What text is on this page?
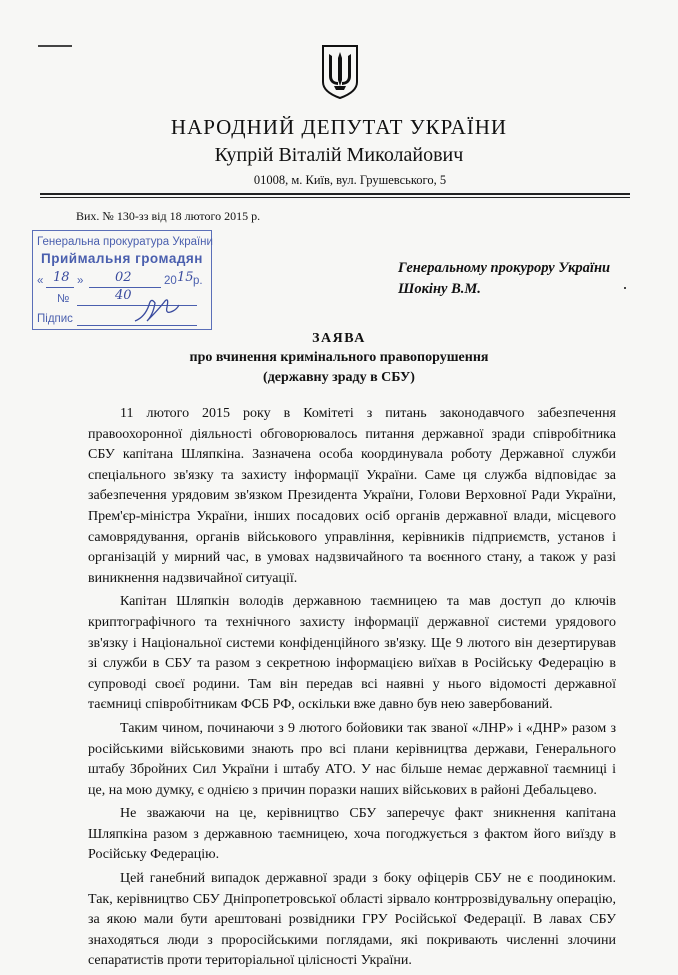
НАРОДНИЙ ДЕПУТАТ УКРАЇНИ
Купрій Віталій Миколайович
01008, м. Київ, вул. Грушевського, 5
Вих. № 130-зз від 18 лютого 2015 р.
Генеральна прокуратура України
Приймальня громадян
« 18 » 02	20 15 р.
№	40
Підпис
Генеральному прокурору України
Шокіну В.М.
ЗАЯВА
про вчинення кримінального правопорушення
(державну зраду в СБУ)

11 лютого 2015 року в Комітеті з питань законодавчого забезпечення правоохоронної діяльності обговорювалось питання державної зради співробітника СБУ капітана Шляпкіна. Зазначена особа координувала роботу Державної служби спеціального зв'язку та захисту інформації України. Саме ця служба відповідає за забезпечення урядовим зв'язком Президента України, Голови Верховної Ради України, Прем'єр-міністра України, інших посадових осіб органів державної влади, місцевого самоврядування, органів військового управління, керівників підприємств, установ і організацій у мирний час, в умовах надзвичайного та воєнного стану, а також у разі виникнення надзвичайної ситуації.

Капітан Шляпкін володів державною таємницею та мав доступ до ключів криптографічного та технічного захисту інформації державної системи урядового зв'язку і Національної системи конфіденційного зв'язку. Ще 9 лютого він дезертирував зі служби в СБУ та разом з секретною інформацією виїхав в Російську Федерацію в супроводі своєї родини. Там він передав всі наявні у нього відомості державної таємниці співробітникам ФСБ РФ, оскільки вже давно був нею завербований.

Таким чином, починаючи з 9 лютого бойовики так званої «ЛНР» і «ДНР» разом з російськими військовими знають про всі плани керівництва держави, Генерального штабу Збройних Сил України і штабу АТО. У нас більше немає державної таємниці і це, на мою думку, є однією з причин поразки наших військових в районі Дебальцево.

Не зважаючи на це, керівництво СБУ заперечує факт зникнення капітана Шляпкіна разом з державною таємницею, хоча погоджується з фактом його виїзду в Російську Федерацію.

Цей ганебний випадок державної зради з боку офіцерів СБУ не є поодиноким. Так, керівництво СБУ Дніпропетровської області зірвало контррозвідувальну операцію, за якою мали бути арештовані розвідники ГРУ Російської Федерації. В лавах СБУ знаходяться люди з проросійськими поглядами, які покривають численні злочини сепаратистів проти територіальної цілісності України.
